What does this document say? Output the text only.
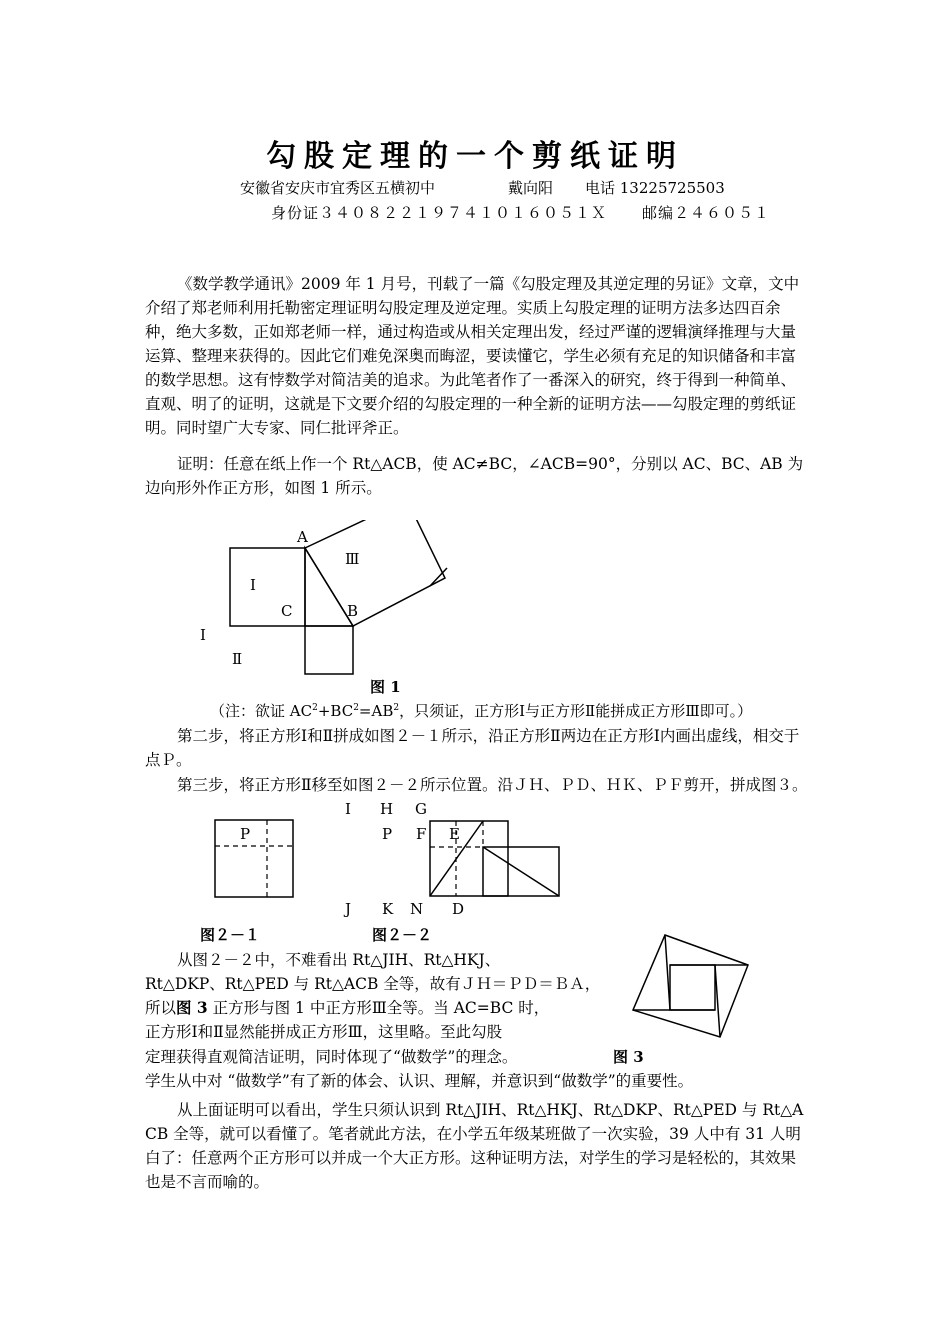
勾股定理的一个剪纸证明
安徽省安庆市宜秀区五横初中	戴向阳 电话 13225725503
身份证３４０８２２１９７４１０１６０５１Ｘ 邮编２４６０５１
《数学教学通讯》2009 年 1 月号，刊载了一篇《勾股定理及其逆定理的另证》文章，文中介绍了郑老师利用托勒密定理证明勾股定理及逆定理。实质上勾股定理的证明方法多达四百余种，绝大多数，正如郑老师一样，通过构造或从相关定理出发，经过严谨的逻辑演绎推理与大量运算、整理来获得的。因此它们难免深奥而晦涩，要读懂它，学生必须有充足的知识储备和丰富的数学思想。这有悖数学对简洁美的追求。为此笔者作了一番深入的研究，终于得到一种简单、直观、明了的证明，这就是下文要介绍的勾股定理的一种全新的证明方法——勾股定理的剪纸证明。同时望广大专家、同仁批评斧正。
证明：任意在纸上作一个 Rt△ACB，使 AC≠BC，∠ACB=90°，分别以 AC、BC、AB 为边向形外作正方形，如图 1 所示。
A
B
C
Ⅰ
Ⅰ
Ⅱ
Ⅲ
图 1
（注：欲证 $AC^2+BC^2=AB^2$，只须证，正方形Ⅰ与正方形Ⅱ能拼成正方形Ⅲ即可。）
第二步，将正方形Ⅰ和Ⅱ拼成如图２－１所示，沿正方形Ⅱ两边在正方形Ⅰ内画出虚线，相交于点Ｐ。
第三步，将正方形Ⅱ移至如图２－２所示位置。沿ＪＨ、ＰＤ、ＨＫ、ＰＦ剪开，拼成图３。
P
图２－１
I H G
P F E
J K N D
图２－２
从图２－２中，不难看出 Rt△JIH、Rt△HKJ、
Rt△DKP、Rt△PED 与 Rt△ACB 全等，故有ＪＨ＝ＰＤ＝ＢＡ，
所以图 3 正方形与图 1 中正方形Ⅲ全等。当 AC=BC 时，
正方形Ⅰ和Ⅱ显然能拼成正方形Ⅲ，这里略。至此勾股
定理获得直观简洁证明，同时体现了“做数学”的理念。
学生从中对 “做数学”有了新的体会、认识、理解，并意识到“做数学”的重要性。
图 3
从上面证明可以看出，学生只须认识到 Rt△JIH、Rt△HKJ、Rt△DKP、Rt△PED 与 Rt△ACB 全等，就可以看懂了。笔者就此方法，在小学五年级某班做了一次实验，39 人中有 31 人明白了：任意两个正方形可以并成一个大正方形。这种证明方法，对学生的学习是轻松的，其效果也是不言而喻的。
